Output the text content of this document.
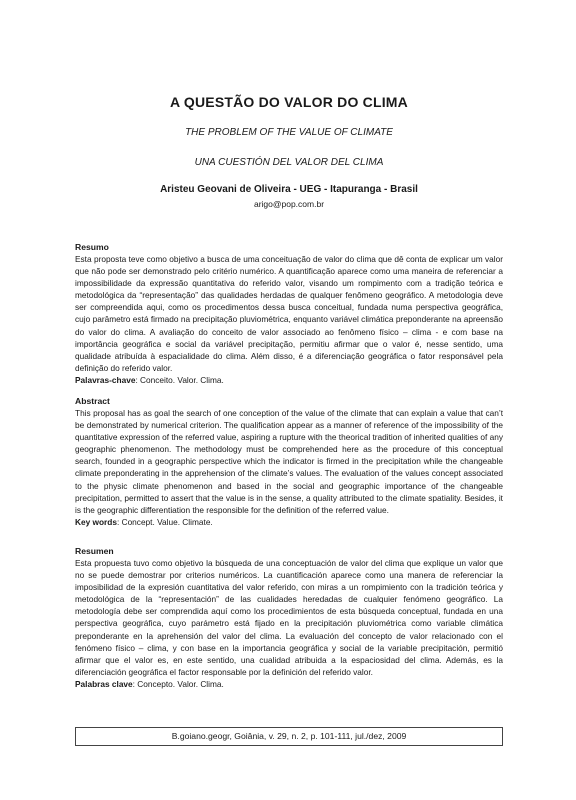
A QUESTÃO DO VALOR DO CLIMA
THE PROBLEM OF THE VALUE OF CLIMATE
UNA CUESTIÓN DEL VALOR DEL CLIMA
Aristeu Geovani de Oliveira - UEG - Itapuranga - Brasil
arigo@pop.com.br
Resumo

Esta proposta teve como objetivo a busca de uma conceituação de valor do clima que dê conta de explicar um valor que não pode ser demonstrado pelo critério numérico. A quantificação aparece como uma maneira de referenciar a impossibilidade da expressão quantitativa do referido valor, visando um rompimento com a tradição teórica e metodológica da “representação” das qualidades herdadas de qualquer fenômeno geográfico. A metodologia deve ser compreendida aqui, como os procedimentos dessa busca conceitual, fundada numa perspectiva geográfica, cujo parâmetro está firmado na precipitação pluviométrica, enquanto variável climática preponderante na apreensão do valor do clima. A avaliação do conceito de valor associado ao fenômeno físico – clima - e com base na importância geográfica e social da variável precipitação, permitiu afirmar que o valor é, nesse sentido, uma qualidade atribuída à espacialidade do clima. Além disso, é a diferenciação geográfica o fator responsável pela definição do referido valor.

Palavras-chave: Conceito. Valor. Clima.
Abstract

This proposal has as goal the search of one conception of the value of the climate that can explain a value that can’t be demonstrated by numerical criterion. The qualification appear as a manner of reference of the impossibility of the quantitative expression of the referred value, aspiring a rupture with the theorical tradition of inherited qualities of any geographic phenomenon. The methodology must be comprehended here as the procedure of this conceptual search, founded in a geographic perspective which the indicator is firmed in the precipitation while the changeable climate preponderating in the apprehension of the climate’s values. The evaluation of the values concept associated to the physic climate phenomenon and based in the social and geographic importance of the changeable precipitation, permitted to assert that the value is in the sense, a quality attributed to the climate spatiality. Besides, it is the geographic differentiation the responsible for the definition of the referred value.

Key words: Concept. Value. Climate.
Resumen

Esta propuesta tuvo como objetivo la búsqueda de una conceptuación de valor del clima que explique un valor que no se puede demostrar por criterios numéricos. La cuantificación aparece como una manera de referenciar la imposibilidad de la expresión cuantitativa del valor referido, con miras a un rompimiento con la tradición teórica y metodológica de la “representación” de las cualidades heredadas de cualquier fenómeno geográfico. La metodología debe ser comprendida aquí como los procedimientos de esta búsqueda conceptual, fundada en una perspectiva geográfica, cuyo parámetro está fijado en la precipitación pluviométrica como variable climática preponderante en la aprehensión del valor del clima. La evaluación del concepto de valor relacionado con el fenómeno físico – clima, y con base en la importancia geográfica y social de la variable precipitación, permitió afirmar que el valor es, en este sentido, una cualidad atribuida a la espaciosidad del clima. Además, es la diferenciación geográfica el factor responsable por la definición del referido valor.

Palabras clave: Concepto. Valor. Clima.
B.goiano.geogr, Goiânia, v. 29, n. 2, p. 101-111, jul./dez, 2009
